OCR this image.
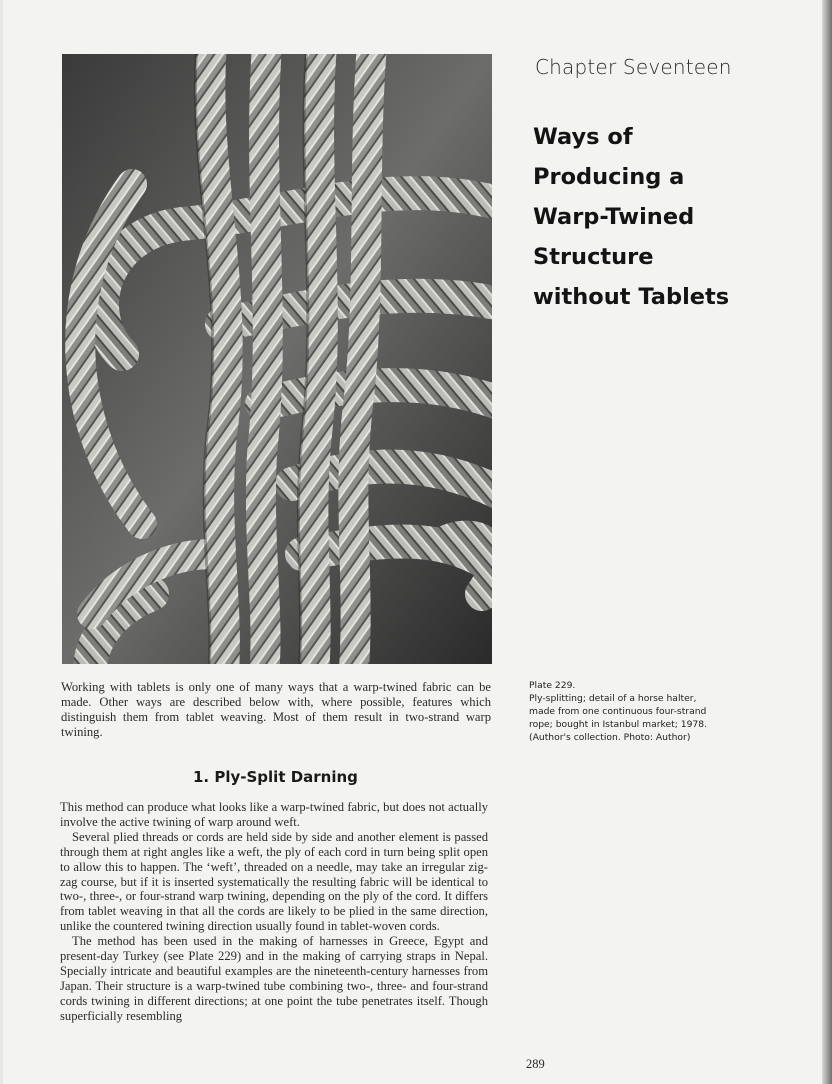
Chapter Seventeen
Ways of
Producing a
Warp-Twined
Structure
without Tablets
Plate 229.
Ply-splitting; detail of a horse halter,
made from one continuous four-strand
rope; bought in Istanbul market; 1978.
(Author's collection. Photo: Author)

Working with tablets is only one of many ways that a warp-twined fabric can be made. Other ways are described below with, where possible, features which distinguish them from tablet weaving. Most of them result in two-strand warp twining.

1. Ply-Split Darning

This method can produce what looks like a warp-twined fabric, but does not actually involve the active twining of warp around weft.

Several plied threads or cords are held side by side and another element is passed through them at right angles like a weft, the ply of each cord in turn being split open to allow this to happen. The ‘weft’, threaded on a needle, may take an irregular zig-zag course, but if it is inserted systematically the resulting fabric will be identical to two-, three-, or four-strand warp twining, depending on the ply of the cord. It differs from tablet weaving in that all the cords are likely to be plied in the same direction, unlike the countered twining direction usually found in tablet-woven cords.

The method has been used in the making of harnesses in Greece, Egypt and present-day Turkey (see Plate 229) and in the making of carrying straps in Nepal. Specially intricate and beautiful examples are the nineteenth-century harnesses from Japan. Their structure is a warp-twined tube combining two-, three- and four-strand cords twining in different directions; at one point the tube penetrates itself. Though superficially resembling

289
